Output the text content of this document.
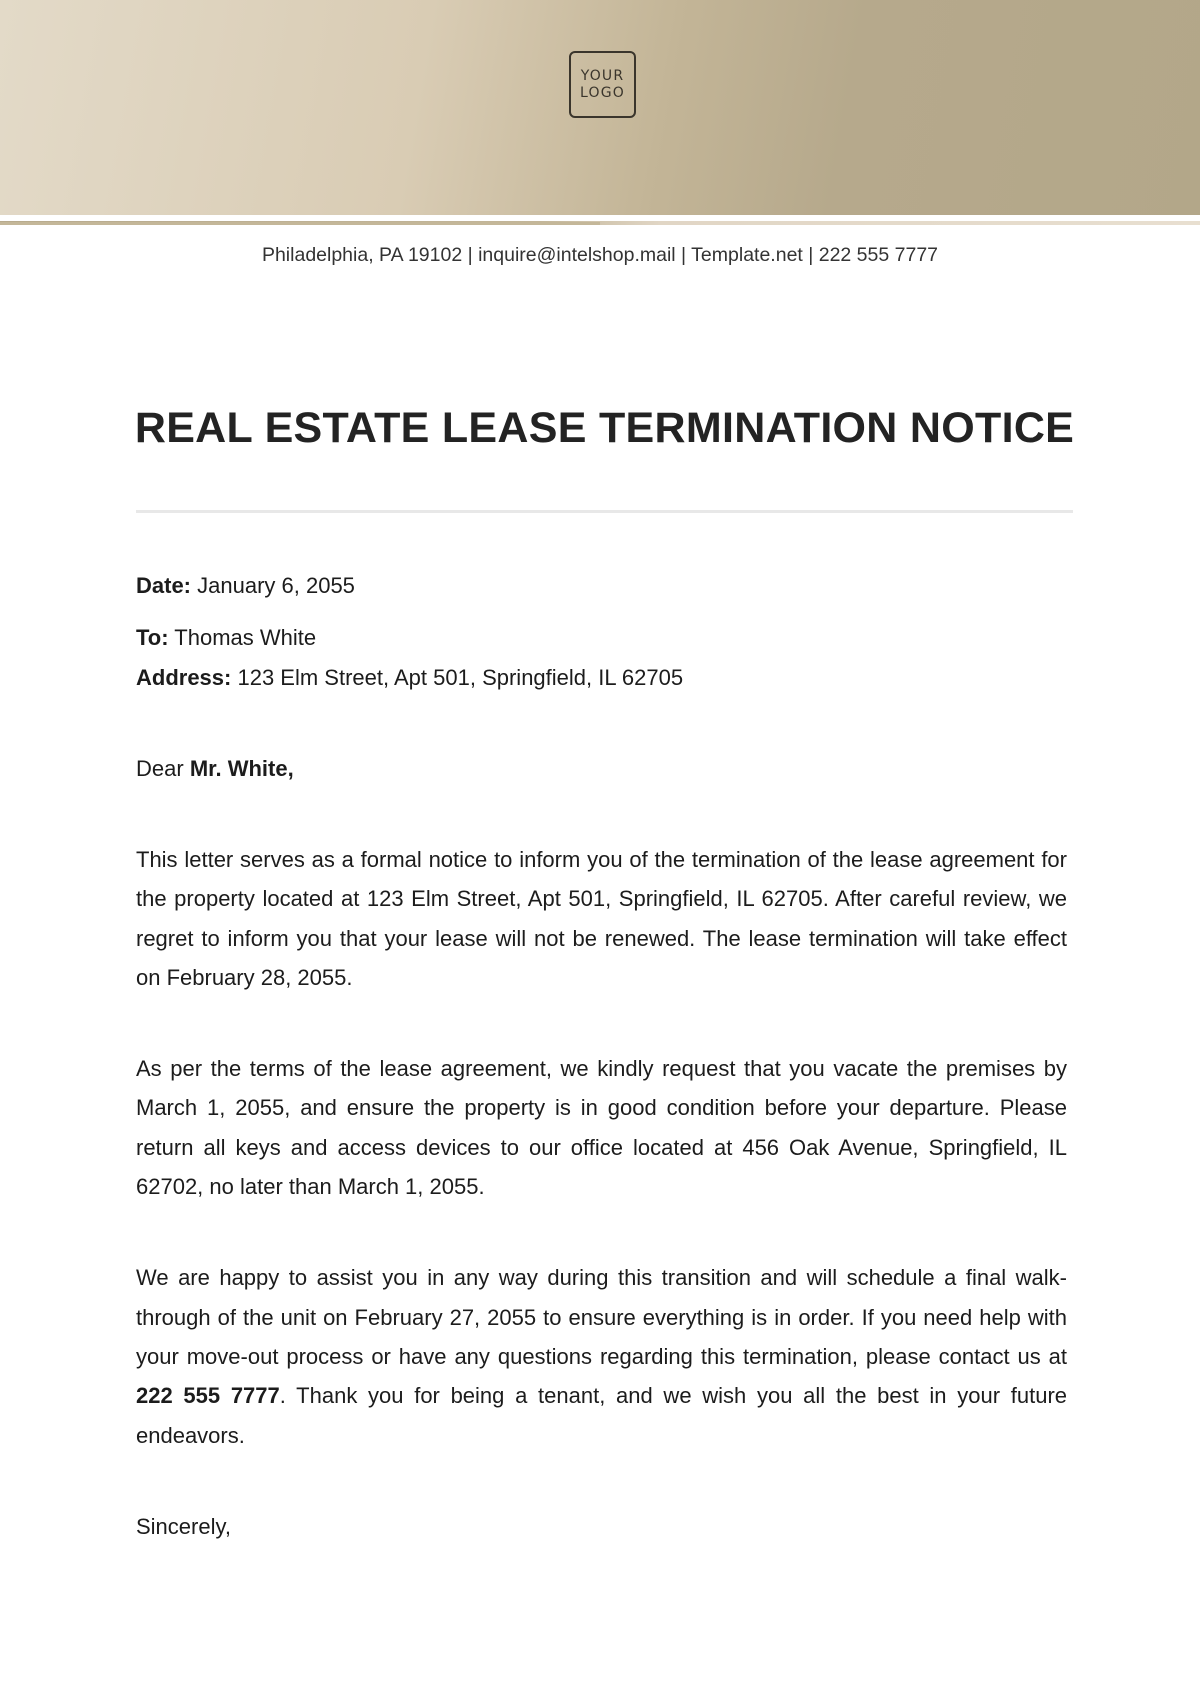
YOUR
LOGO
Philadelphia, PA 19102 | inquire@intelshop.mail | Template.net | 222 555 7777
REAL ESTATE LEASE TERMINATION NOTICE

Date: January 6, 2055

To: Thomas White

Address: 123 Elm Street, Apt 501, Springfield, IL 62705

Dear Mr. White,

This letter serves as a formal notice to inform you of the termination of the lease agreement for the property located at 123 Elm Street, Apt 501, Springfield, IL 62705. After careful review, we regret to inform you that your lease will not be renewed. The lease termination will take effect on February 28, 2055.

As per the terms of the lease agreement, we kindly request that you vacate the premises by March 1, 2055, and ensure the property is in good condition before your departure. Please return all keys and access devices to our office located at 456 Oak Avenue, Springfield, IL 62702, no later than March 1, 2055.

We are happy to assist you in any way during this transition and will schedule a final walk-through of the unit on February 27, 2055 to ensure everything is in order. If you need help with your move-out process or have any questions regarding this termination, please contact us at 222 555 7777. Thank you for being a tenant, and we wish you all the best in your future endeavors.

Sincerely,
